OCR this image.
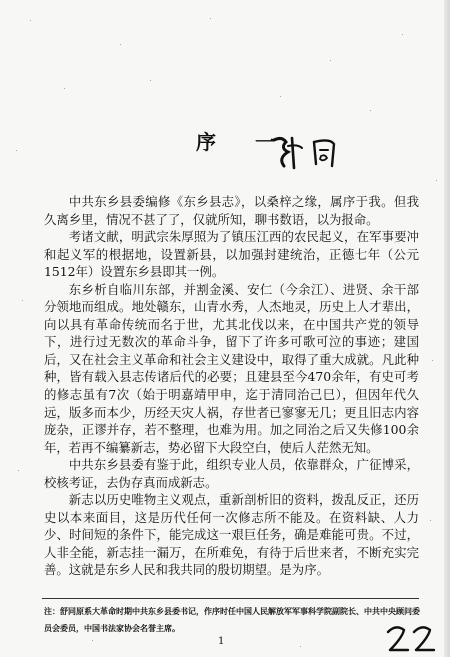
序 一

中共东乡县委编修《东乡县志》，以桑梓之缘，属序于我。但我久离乡里，情况不甚了了，仅就所知，聊书数语，以为报命。

考诸文献，明武宗朱厚照为了镇压江西的农民起义，在军事要冲和起义军的根据地，设置新县，以加强封建统治，正德七年（公元1512年）设置东乡县即其一例。

东乡析自临川东部，并割金溪、安仁（今余江）、进贤、余干部分领地而组成。地处赣东，山青水秀，人杰地灵，历史上人才辈出，向以具有革命传统而名于世，尤其北伐以来，在中国共产党的领导下，进行过无数次的革命斗争，留下了许多可歌可泣的事迹；建国后，又在社会主义革命和社会主义建设中，取得了重大成就。凡此种种，皆有载入县志传诸后代的必要；且建县至今470余年，有史可考的修志虽有7次（始于明嘉靖甲申，迄于清同治己巳），但因年代久远，版多而本少，历经天灾人祸，存世者已寥寥无几；更且旧志内容庞杂，正谬并存，若不整理，也难为用。加之同治之后又失修100余年，若再不编纂新志，势必留下大段空白，使后人茫然无知。

中共东乡县委有鉴于此，组织专业人员，依靠群众，广征博采，校核考证，去伪存真而成新志。

新志以历史唯物主义观点，重新剖析旧的资料，拨乱反正，还历史以本来面目，这是历代任何一次修志所不能及。在资料缺、人力少、时间短的条件下，能完成这一艰巨任务，确是难能可贵。不过，人非全能，新志挂一漏万，在所难免，有待于后世来者，不断充实完善。这就是东乡人民和我共同的殷切期望。是为序。

注：舒同原系大革命时期中共东乡县委书记，作序时任中国人民解放军军事科学院副院长、中共中央顾问委员会委员，中国书法家协会名誉主席。

1
